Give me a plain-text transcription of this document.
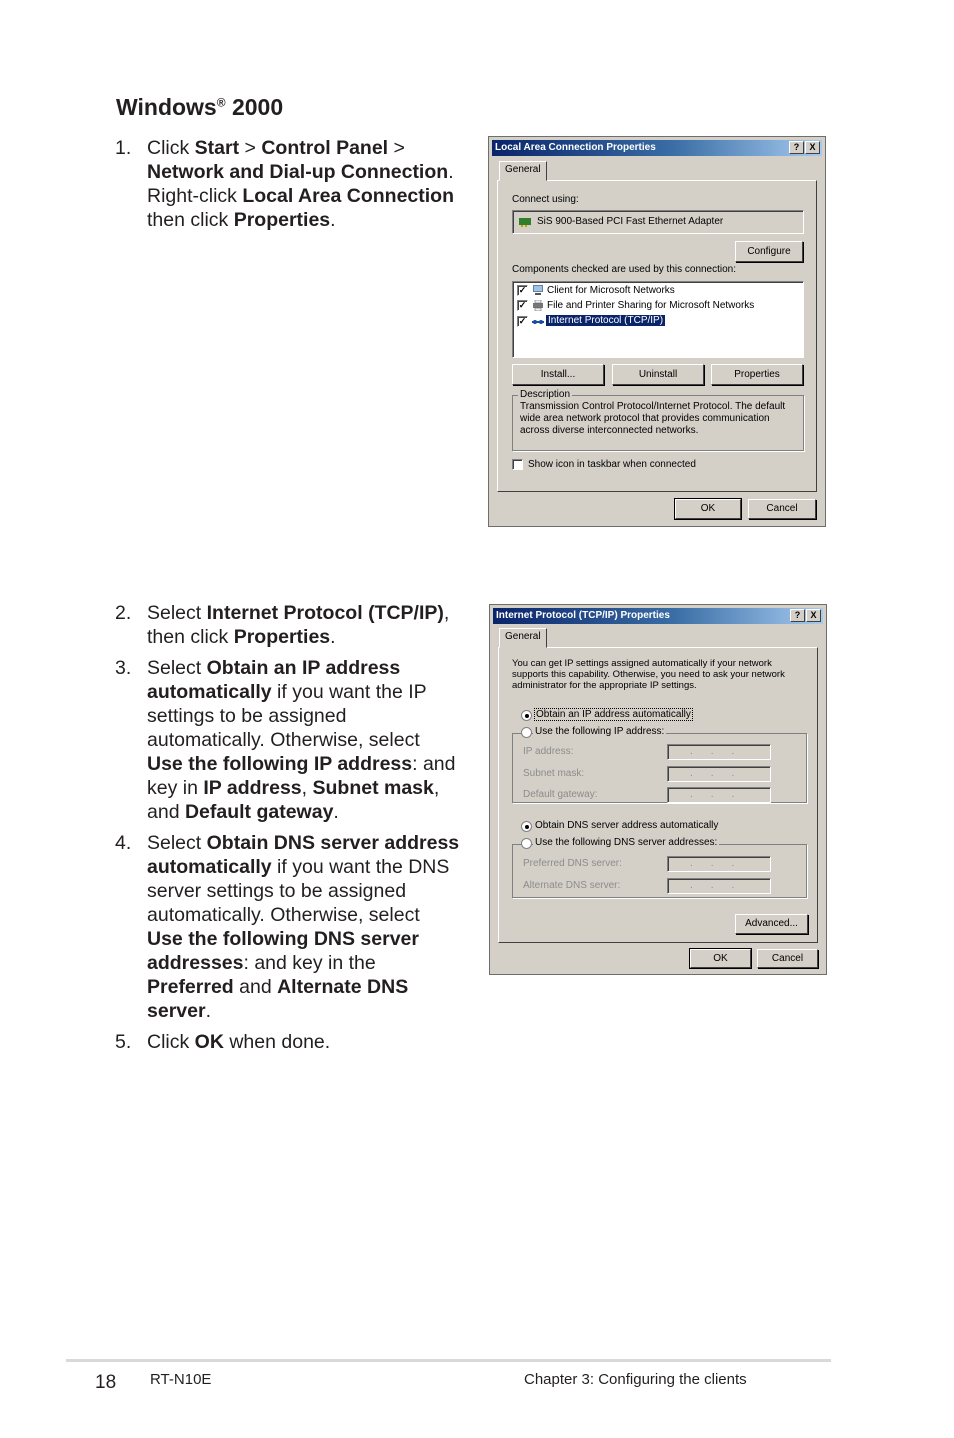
Windows® 2000
1. Click Start > Control Panel > Network and Dial-up Connection. Right-click Local Area Connection then click Properties.
2. Select Internet Protocol (TCP/IP), then click Properties.
3. Select Obtain an IP address automatically if you want the IP settings to be assigned automatically. Otherwise, select Use the following IP address: and key in IP address, Subnet mask, and Default gateway.
4. Select Obtain DNS server address automatically if you want the DNS server settings to be assigned automatically. Otherwise, select Use the following DNS server addresses: and key in the Preferred and Alternate DNS server.
5. Click OK when done.
Local Area Connection Properties	?	X
General
Connect using:
SiS 900-Based PCI Fast Ethernet Adapter
Configure
Components checked are used by this connection:
✓ Client for Microsoft Networks
✓ File and Printer Sharing for Microsoft Networks
✓ Internet Protocol (TCP/IP)
Install...	Uninstall	Properties
Transmission Control Protocol/Internet Protocol. The default wide area network protocol that provides communication across diverse interconnected networks.
Description
Show icon in taskbar when connected
OK	Cancel
Internet Protocol (TCP/IP) Properties	?	X
General
You can get IP settings assigned automatically if your network supports this capability. Otherwise, you need to ask your network administrator for the appropriate IP settings.
Obtain an IP address automatically
IP address:	...
Subnet mask:	...
Default gateway:	...
Use the following IP address:
Obtain DNS server address automatically
Preferred DNS server:	...
Alternate DNS server:	...
Use the following DNS server addresses:
Advanced...
OK	Cancel
18 RT-N10E	Chapter 3: Configuring the clients
